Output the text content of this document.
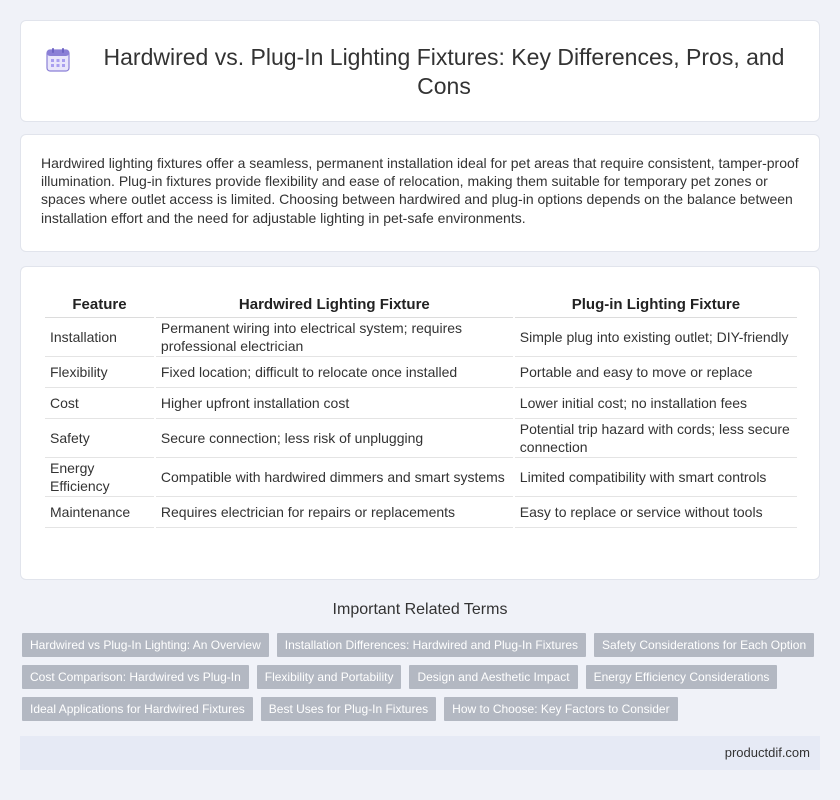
Hardwired vs. Plug-In Lighting Fixtures: Key Differences, Pros, and Cons

Hardwired lighting fixtures offer a seamless, permanent installation ideal for pet areas that require consistent, tamper-proof illumination. Plug-in fixtures provide flexibility and ease of relocation, making them suitable for temporary pet zones or spaces where outlet access is limited. Choosing between hardwired and plug-in options depends on the balance between installation effort and the need for adjustable lighting in pet-safe environments.

Feature	Hardwired Lighting Fixture	Plug-in Lighting Fixture
Installation	Permanent wiring into electrical system; requires professional electrician	Simple plug into existing outlet; DIY-friendly
Flexibility	Fixed location; difficult to relocate once installed	Portable and easy to move or replace
Cost	Higher upfront installation cost	Lower initial cost; no installation fees
Safety	Secure connection; less risk of unplugging	Potential trip hazard with cords; less secure connection
Energy Efficiency	Compatible with hardwired dimmers and smart systems	Limited compatibility with smart controls
Maintenance	Requires electrician for repairs or replacements	Easy to replace or service without tools
Important Related Terms
Hardwired vs Plug-In Lighting: An Overview	Installation Differences: Hardwired and Plug-In Fixtures	Safety Considerations for Each Option
Cost Comparison: Hardwired vs Plug-In	Flexibility and Portability	Design and Aesthetic Impact	Energy Efficiency Considerations
Ideal Applications for Hardwired Fixtures	Best Uses for Plug-In Fixtures	How to Choose: Key Factors to Consider
productdif.com
